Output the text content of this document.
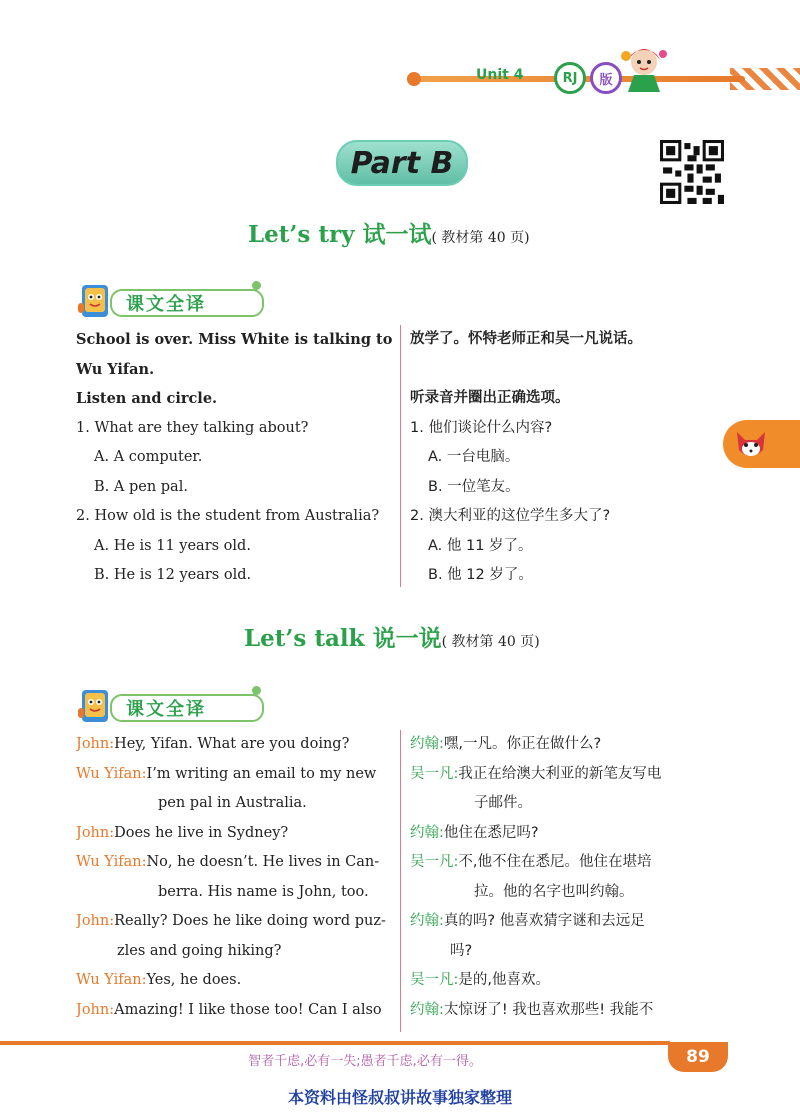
Unit 4	RJ	版
Part B
Let’s try 试一试( 教材第 40 页)
课文全译
School is over. Miss White is talking to
Wu Yifan.
Listen and circle.
1. What are they talking about?
A. A computer.
B. A pen pal.
2. How old is the student from Australia?
A. He is 11 years old.
B. He is 12 years old.
放学了。怀特老师正和吴一凡说话。
听录音并圈出正确选项。
1. 他们谈论什么内容?
A. 一台电脑。
B. 一位笔友。
2. 澳大利亚的这位学生多大了?
A. 他 11 岁了。
B. 他 12 岁了。
Let’s talk 说一说( 教材第 40 页)
课文全译
John:Hey, Yifan. What are you doing?
Wu Yifan:I’m writing an email to my new
pen pal in Australia.
John:Does he live in Sydney?
Wu Yifan:No, he doesn’t. He lives in Can-
berra. His name is John, too.
John:Really? Does he like doing word puz-
zles and going hiking?
Wu Yifan:Yes, he does.
John:Amazing! I like those too! Can I also
约翰:嘿,一凡。你正在做什么?
吴一凡:我正在给澳大利亚的新笔友写电
子邮件。
约翰:他住在悉尼吗?
吴一凡:不,他不住在悉尼。他住在堪培
拉。他的名字也叫约翰。
约翰:真的吗? 他喜欢猜字谜和去远足
吗?
吴一凡:是的,他喜欢。
约翰:太惊讶了! 我也喜欢那些! 我能不
智者千虑,必有一失;愚者千虑,必有一得。	89
本资料由怪叔叔讲故事独家整理
